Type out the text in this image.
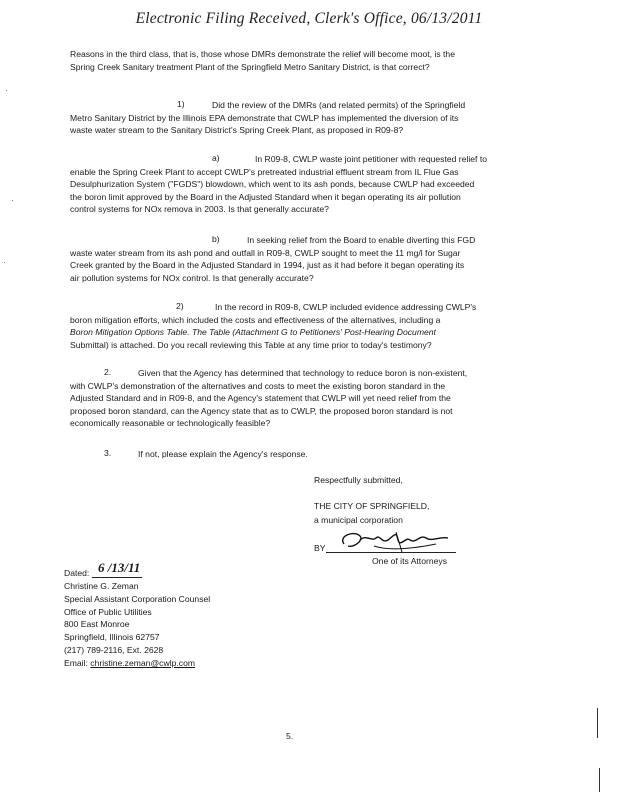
Electronic Filing Received, Clerk's Office, 06/13/2011
Reasons in the third class, that is, those whose DMRs demonstrate the relief will become moot, is the
Spring Creek Sanitary treatment Plant of the Springfield Metro Sanitary District, is that correct?
1)	Did the review of the DMRs (and related permits) of the Springfield
Metro Sanitary District by the Illinois EPA demonstrate that CWLP has implemented the diversion of its
waste water stream to the Sanitary District's Spring Creek Plant, as proposed in R09-8?
a)	In R09-8, CWLP waste joint petitioner with requested relief to
enable the Spring Creek Plant to accept CWLP's pretreated industrial effluent stream from IL Flue Gas
Desulphurization System ("FGDS") blowdown, which went to its ash ponds, because CWLP had exceeded
the boron limit approved by the Board in the Adjusted Standard when it began operating its air pollution
control systems for NOx remova in 2003. Is that generally accurate?
b)	In seeking relief from the Board to enable diverting this FGD
waste water stream from its ash pond and outfall in R09-8, CWLP sought to meet the 11 mg/l for Sugar
Creek granted by the Board in the Adjusted Standard in 1994, just as it had before it began operating its
air pollution systems for NOx control. Is that generally accurate?
2)	In the record in R09-8, CWLP included evidence addressing CWLP's
boron mitigation efforts, which included the costs and effectiveness of the alternatives, including a
Boron Mitigation Options Table. The Table (Attachment G to Petitioners' Post-Hearing Document
Submittal) is attached. Do you recall reviewing this Table at any time prior to today's testimony?
2.	Given that the Agency has determined that technology to reduce boron is non-existent,
with CWLP's demonstration of the alternatives and costs to meet the existing boron standard in the
Adjusted Standard and in R09-8, and the Agency's statement that CWLP will yet need relief from the
proposed boron standard, can the Agency state that as to CWLP, the proposed boron standard is not
economically reasonable or technologically feasible?
3.	If not, please explain the Agency's response.
Respectfully submitted,
THE CITY OF SPRINGFIELD,
a municipal corporation
BY
One of its Attorneys
Dated: 6 /13/11
Christine G. Zeman
Special Assistant Corporation Counsel
Office of Public Utilities
800 East Monroe
Springfield, Illinois 62757
(217) 789-2116, Ext. 2628
Email: christine.zeman@cwlp.com
5.
